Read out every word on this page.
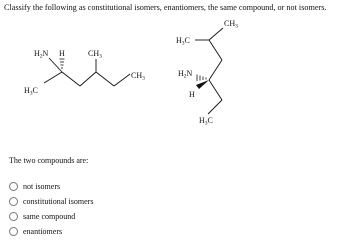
Classify the following as constitutional isomers, enantiomers, the same compound, or not isomers.
H2N H	CH3
H3C
CH3
CH3
H3C
H2N
H
H3C
The two compounds are:
not isomers
constitutional isomers
same compound
enantiomers
